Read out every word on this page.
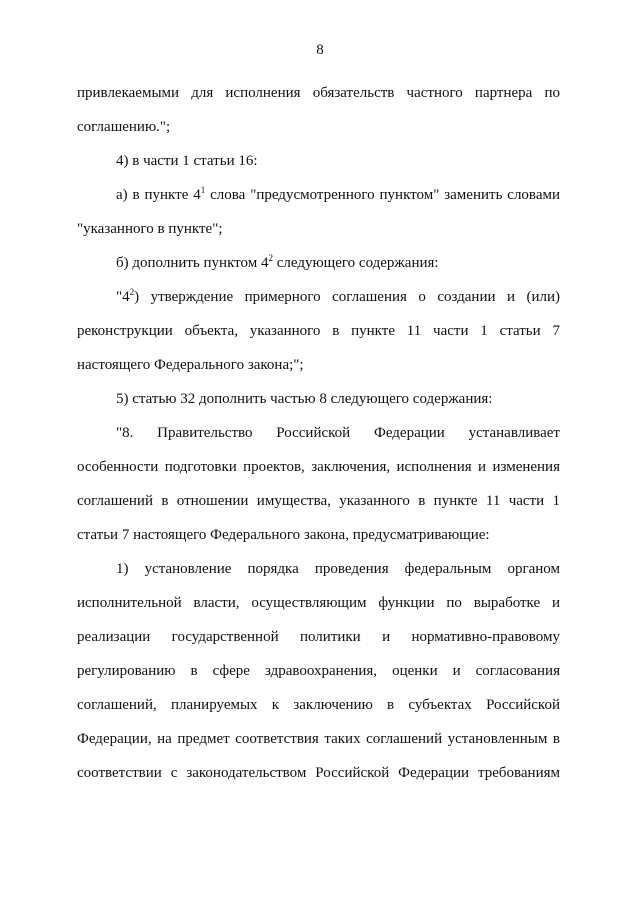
8

привлекаемыми для исполнения обязательств частного партнера по соглашению.";

4) в части 1 статьи 16:

а) в пункте $4^1$ слова "предусмотренного пунктом" заменить словами "указанного в пункте";

б) дополнить пунктом $4^2$ следующего содержания:

"$4^2$) утверждение примерного соглашения о создании и (или) реконструкции объекта, указанного в пункте 11 части 1 статьи 7 настоящего Федерального закона;";

5) статью 32 дополнить частью 8 следующего содержания:

"8. Правительство Российской Федерации устанавливает особенности подготовки проектов, заключения, исполнения и изменения соглашений в отношении имущества, указанного в пункте 11 части 1 статьи 7 настоящего Федерального закона, предусматривающие:

1) установление порядка проведения федеральным органом исполнительной власти, осуществляющим функции по выработке и реализации государственной политики и нормативно-правовому регулированию в сфере здравоохранения, оценки и согласования соглашений, планируемых к заключению в субъектах Российской Федерации, на предмет соответствия таких соглашений установленным в соответствии с законодательством Российской Федерации требованиям
